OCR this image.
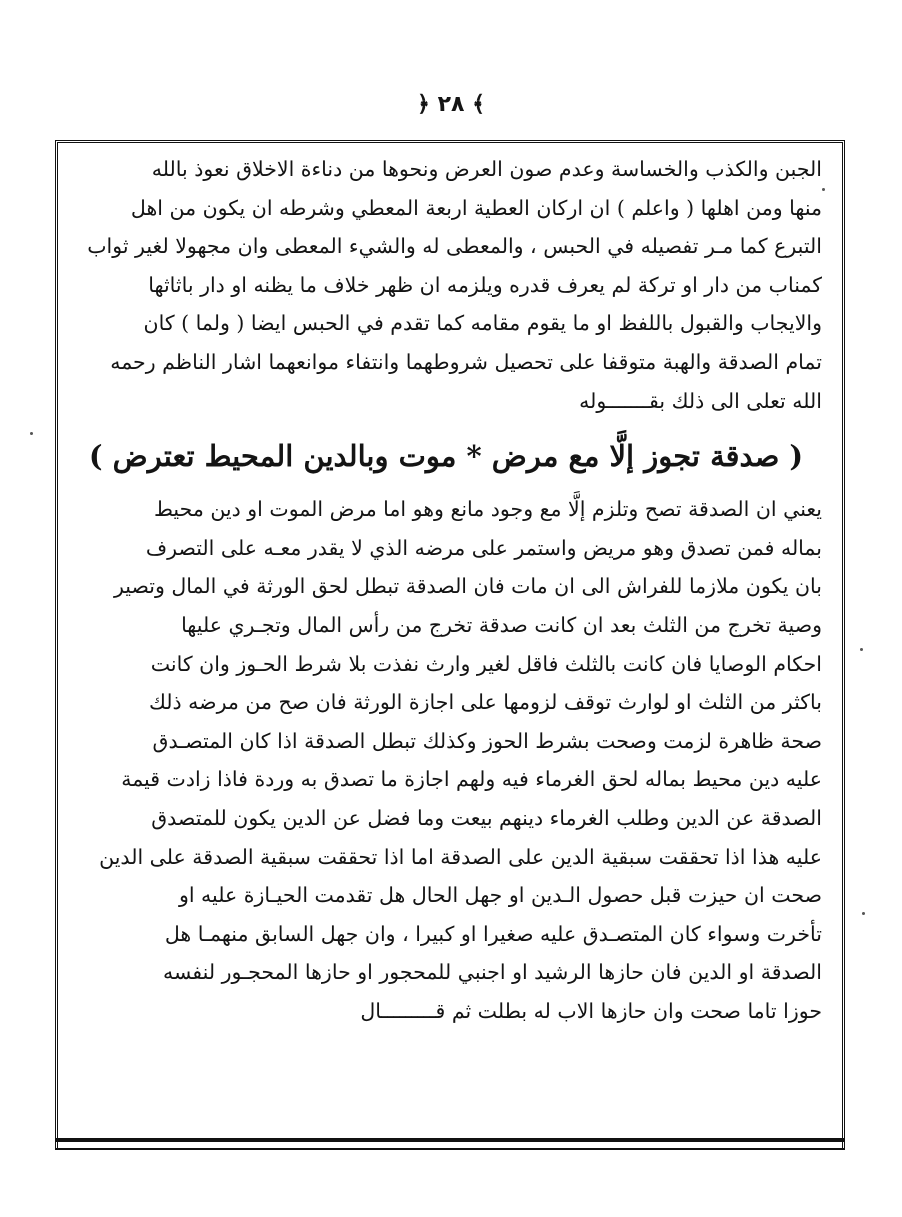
﴿ ٢٨ ﴾
الجبن والكذب والخساسة وعدم صون العرض ونحوها من دناءة الاخلاق نعوذ بالله
منها ومن اهلها ( واعلم ) ان اركان العطية اربعة المعطي وشرطه ان يكون من اهل
التبرع كما مـر تفصيله في الحبس ، والمعطى له والشيء المعطى وان مجهولا لغير ثواب
كمناب من دار او تركة لم يعرف قدره ويلزمه ان ظهر خلاف ما يظنه او دار باثاثها
والايجاب والقبول باللفظ او ما يقوم مقامه كما تقدم في الحبس ايضا ( ولما ) كان
تمام الصدقة والهبة متوقفا على تحصيل شروطهما وانتفاء موانعهما اشار الناظم رحمه
الله تعلى الى ذلك بقـــــــوله
( صدقة تجوز إلَّا مع مرض * موت وبالدين المحيط تعترض )
يعني ان الصدقة تصح وتلزم إلَّا مع وجود مانع وهو اما مرض الموت او دين محيط
بماله فمن تصدق وهو مريض واستمر على مرضه الذي لا يقدر معـه على التصرف
بان يكون ملازما للفراش الى ان مات فان الصدقة تبطل لحق الورثة في المال وتصير
وصية تخرج من الثلث بعد ان كانت صدقة تخرج من رأس المال وتجـري عليها
احكام الوصايا فان كانت بالثلث فاقل لغير وارث نفذت بلا شرط الحـوز وان كانت
باكثر من الثلث او لوارث توقف لزومها على اجازة الورثة فان صح من مرضه ذلك
صحة ظاهرة لزمت وصحت بشرط الحوز وكذلك تبطل الصدقة اذا كان المتصـدق
عليه دين محيط بماله لحق الغرماء فيه ولهم اجازة ما تصدق به وردة فاذا زادت قيمة
الصدقة عن الدين وطلب الغرماء دينهم بيعت وما فضل عن الدين يكون للمتصدق
عليه هذا اذا تحققت سبقية الدين على الصدقة اما اذا تحققت سبقية الصدقة على الدين
صحت ان حيزت قبل حصول الـدين او جهل الحال هل تقدمت الحيـازة عليه او
تأخرت وسواء كان المتصـدق عليه صغيرا او كبيرا ، وان جهل السابق منهمـا هل
الصدقة او الدين فان حازها الرشيد او اجنبي للمحجور او حازها المحجـور لنفسه
حوزا تاما صحت وان حازها الاب له بطلت ثم قـــــــــال
